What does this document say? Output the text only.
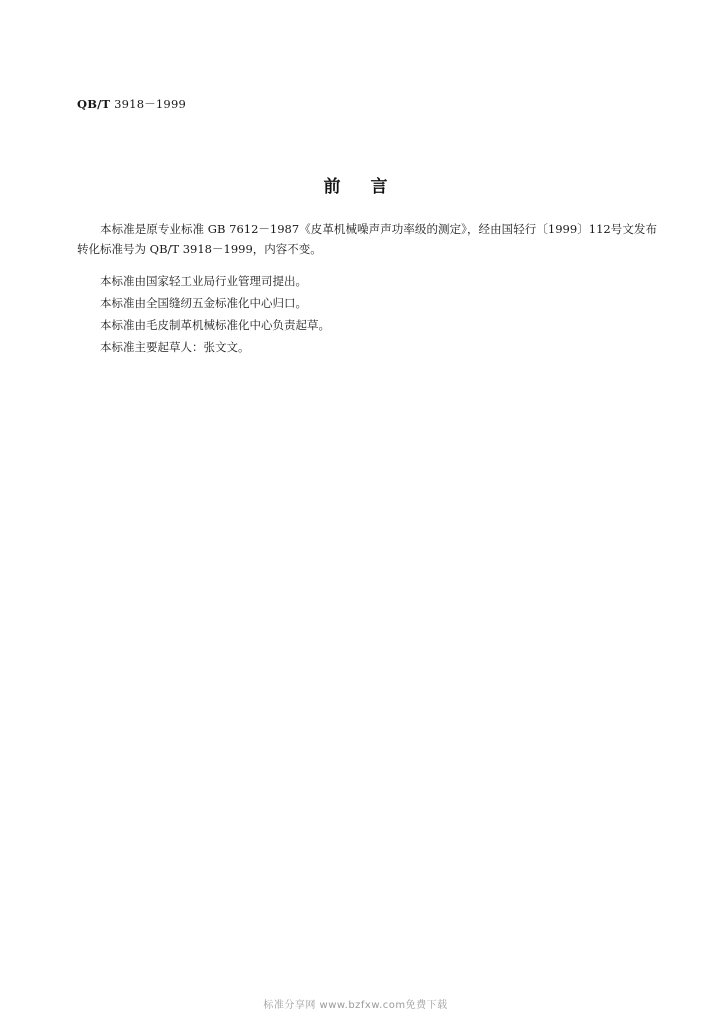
QB/T 3918－1999
前言
本标准是原专业标准 GB 7612－1987《皮革机械噪声声功率级的测定》，经由国轻行〔1999〕112号文发布转化标准号为 QB/T 3918－1999，内容不变。
本标准由国家轻工业局行业管理司提出。
本标准由全国缝纫五金标准化中心归口。
本标准由毛皮制革机械标准化中心负责起草。
本标准主要起草人：张文文。
标准分享网 www.bzfxw.com免费下载
